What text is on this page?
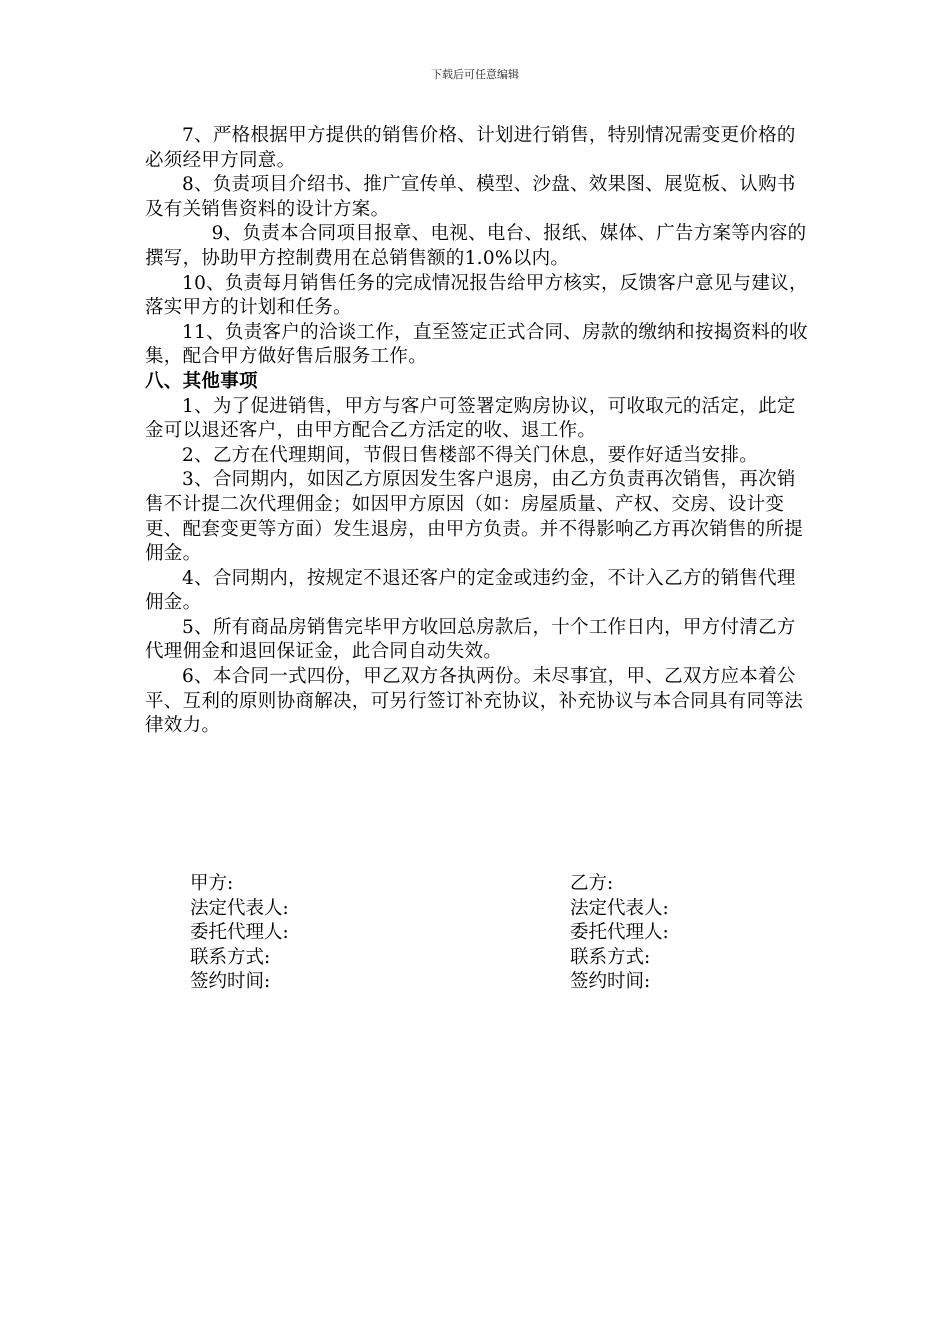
下载后可任意编辑

7、严格根据甲方提供的销售价格、计划进行销售，特别情况需变更价格的必须经甲方同意。

8、负责项目介绍书、推广宣传单、模型、沙盘、效果图、展览板、认购书及有关销售资料的设计方案。

9、负责本合同项目报章、电视、电台、报纸、媒体、广告方案等内容的撰写，协助甲方控制费用在总销售额的1.0%以内。

10、负责每月销售任务的完成情况报告给甲方核实，反馈客户意见与建议，落实甲方的计划和任务。

11、负责客户的洽谈工作，直至签定正式合同、房款的缴纳和按揭资料的收集，配合甲方做好售后服务工作。

八、其他事项

1、为了促进销售，甲方与客户可签署定购房协议，可收取元的活定，此定金可以退还客户，由甲方配合乙方活定的收、退工作。

2、乙方在代理期间，节假日售楼部不得关门休息，要作好适当安排。

3、合同期内，如因乙方原因发生客户退房，由乙方负责再次销售，再次销售不计提二次代理佣金；如因甲方原因（如：房屋质量、产权、交房、设计变更、配套变更等方面）发生退房，由甲方负责。并不得影响乙方再次销售的所提佣金。

4、合同期内，按规定不退还客户的定金或违约金，不计入乙方的销售代理佣金。

5、所有商品房销售完毕甲方收回总房款后，十个工作日内，甲方付清乙方代理佣金和退回保证金，此合同自动失效。

6、本合同一式四份，甲乙双方各执两份。未尽事宜，甲、乙双方应本着公平、互利的原则协商解决，可另行签订补充协议，补充协议与本合同具有同等法律效力。

甲方:
法定代表人:
委托代理人:
联系方式:
签约时间:
乙方:
法定代表人:
委托代理人:
联系方式:
签约时间:
